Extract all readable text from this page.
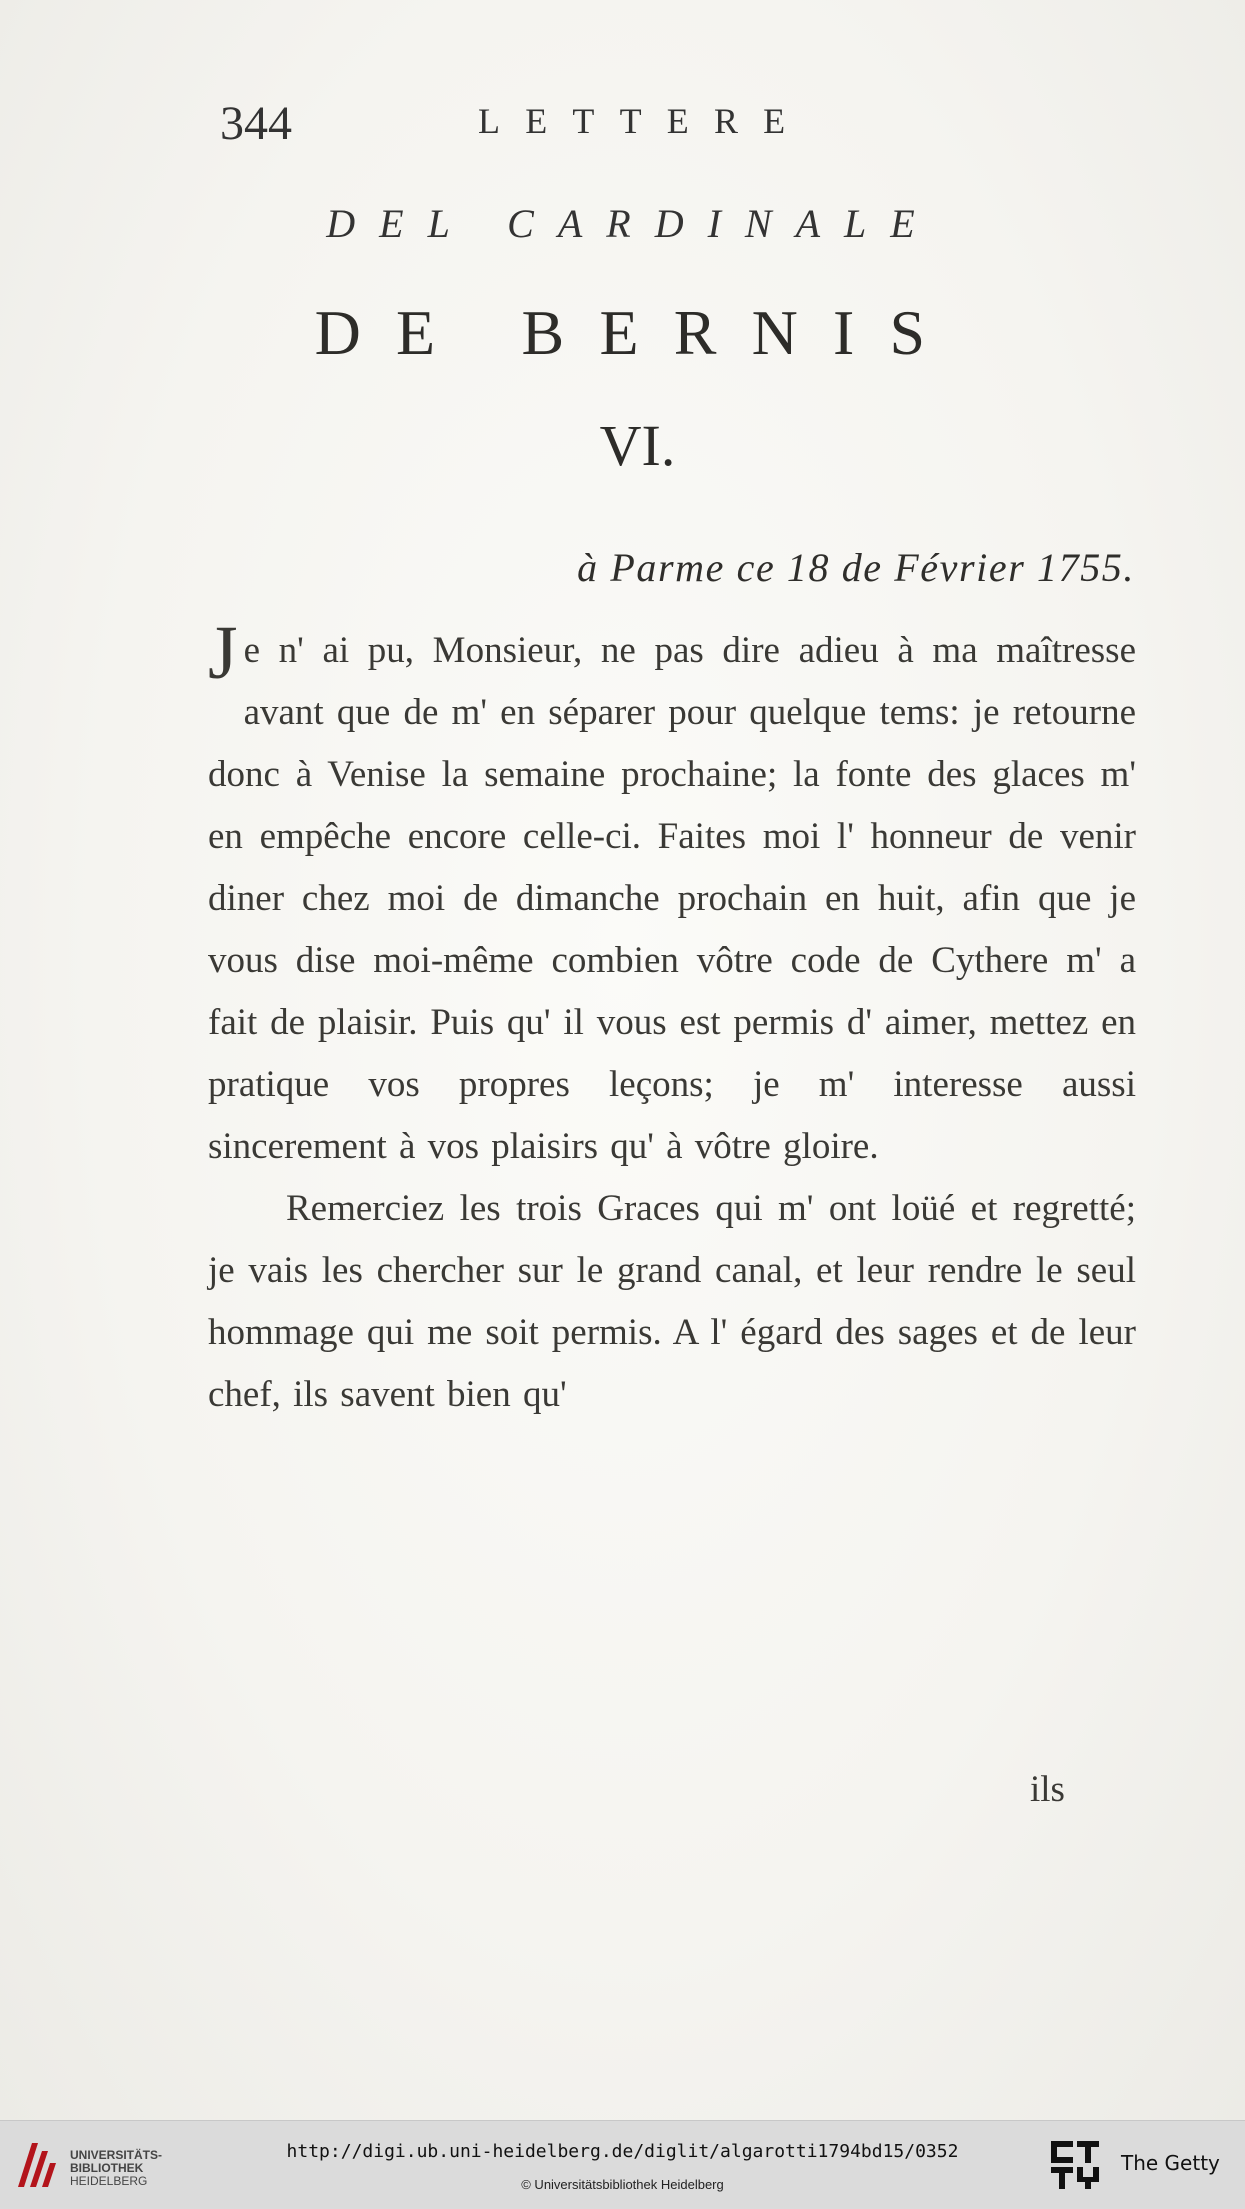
344	LETTERE
DEL CARDINALE
DE BERNIS
VI.
à Parme ce 18 de Février 1755.

Je n' ai pu, Monsieur, ne pas dire adieu à ma maîtresse avant que de m' en séparer pour quelque tems: je retourne donc à Venise la semaine prochaine; la fonte des glaces m' en empêche encore celle-ci. Faites moi l' honneur de venir diner chez moi de dimanche prochain en huit, afin que je vous dise moi-même combien vôtre code de Cythere m' a fait de plaisir. Puis qu' il vous est permis d' aimer, mettez en pratique vos propres leçons; je m' interesse aussi sincerement à vos plaisirs qu' à vôtre gloire.

Remerciez les trois Graces qui m' ont loüé et regretté; je vais les chercher sur le grand canal, et leur rendre le seul hommage qui me soit permis. A l' égard des sages et de leur chef, ils savent bien qu'

ils
UNIVERSITÄTS-
BIBLIOTHEK
HEIDELBERG
http://digi.ub.uni-heidelberg.de/diglit/algarotti1794bd15/0352
© Universitätsbibliothek Heidelberg
The Getty
